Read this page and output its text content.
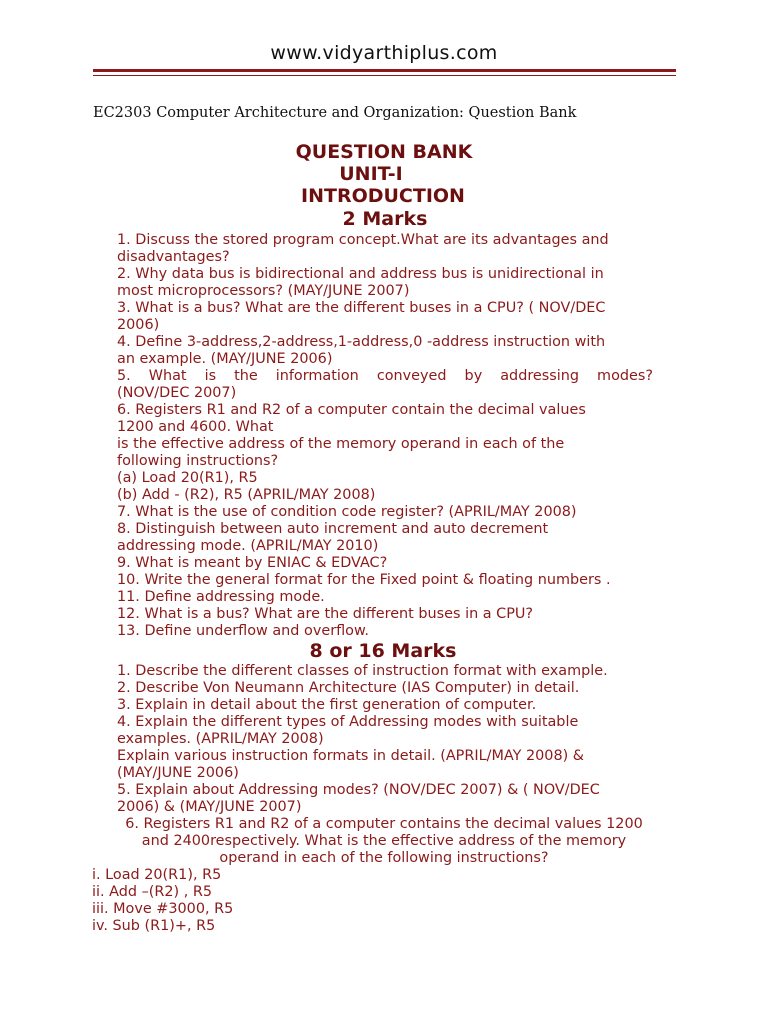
www.vidyarthiplus.com
EC2303 Computer Architecture and Organization: Question Bank
QUESTION BANK
UNIT-I
INTRODUCTION
2 Marks
1. Discuss the stored program concept.What are its advantages and
disadvantages?
2. Why data bus is bidirectional and address bus is unidirectional in
most microprocessors? (MAY/JUNE 2007)
3. What is a bus? What are the different buses in a CPU? ( NOV/DEC
2006)
4. Define 3-address,2-address,1-address,0 -address instruction with
an example. (MAY/JUNE 2006)
5. What is the information conveyed by addressing modes?
(NOV/DEC 2007)
6. Registers R1 and R2 of a computer contain the decimal values
1200 and 4600. What
is the effective address of the memory operand in each of the
following instructions?
(a) Load 20(R1), R5
(b) Add - (R2), R5 (APRIL/MAY 2008)
7. What is the use of condition code register? (APRIL/MAY 2008)
8. Distinguish between auto increment and auto decrement
addressing mode. (APRIL/MAY 2010)
9. What is meant by ENIAC & EDVAC?
10. Write the general format for the Fixed point & floating numbers .
11. Define addressing mode.
12. What is a bus? What are the different buses in a CPU?
13. Define underflow and overflow.
8 or 16 Marks
1. Describe the different classes of instruction format with example.
2. Describe Von Neumann Architecture (IAS Computer) in detail.
3. Explain in detail about the first generation of computer.
4. Explain the different types of Addressing modes with suitable
examples. (APRIL/MAY 2008)
Explain various instruction formats in detail. (APRIL/MAY 2008) &
(MAY/JUNE 2006)
5. Explain about Addressing modes? (NOV/DEC 2007) & ( NOV/DEC
2006) & (MAY/JUNE 2007)
6. Registers R1 and R2 of a computer contains the decimal values 1200
and 2400respectively. What is the effective address of the memory
operand in each of the following instructions?
i. Load 20(R1), R5
ii. Add –(R2) , R5
iii. Move #3000, R5
iv. Sub (R1)+, R5
